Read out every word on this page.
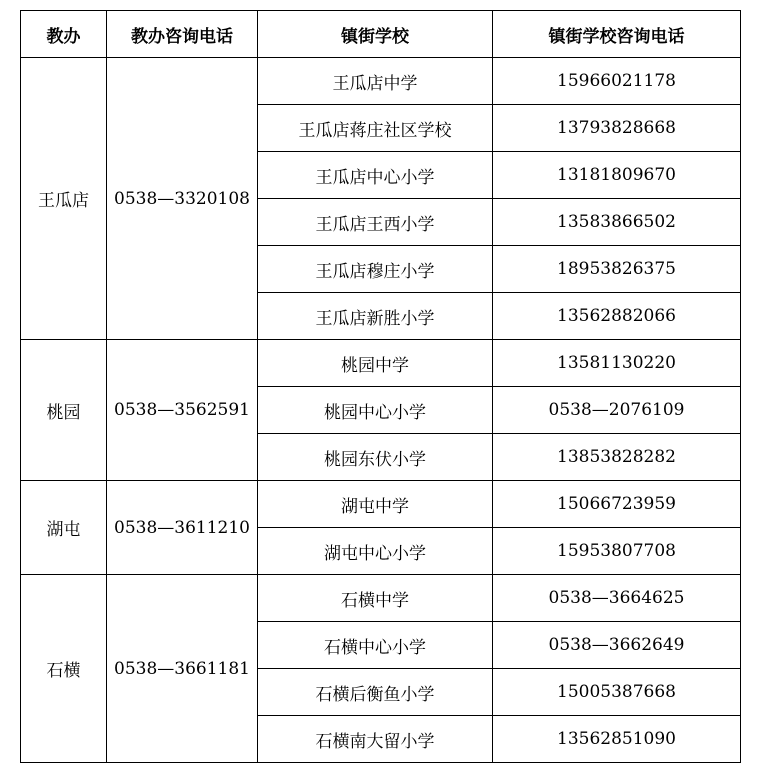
教办	教办咨询电话	镇街学校	镇街学校咨询电话
王瓜店	0538—3320108	王瓜店中学	15966021178
		王瓜店蒋庄社区学校	13793828668
		王瓜店中心小学	13181809670
		王瓜店王西小学	13583866502
		王瓜店穆庄小学	18953826375
		王瓜店新胜小学	13562882066
桃园	0538—3562591	桃园中学	13581130220
		桃园中心小学	0538—2076109
		桃园东伏小学	13853828282
湖屯	0538—3611210	湖屯中学	15066723959
		湖屯中心小学	15953807708
石横	0538—3661181	石横中学	0538—3664625
		石横中心小学	0538—3662649
		石横后衡鱼小学	15005387668
		石横南大留小学	13562851090
